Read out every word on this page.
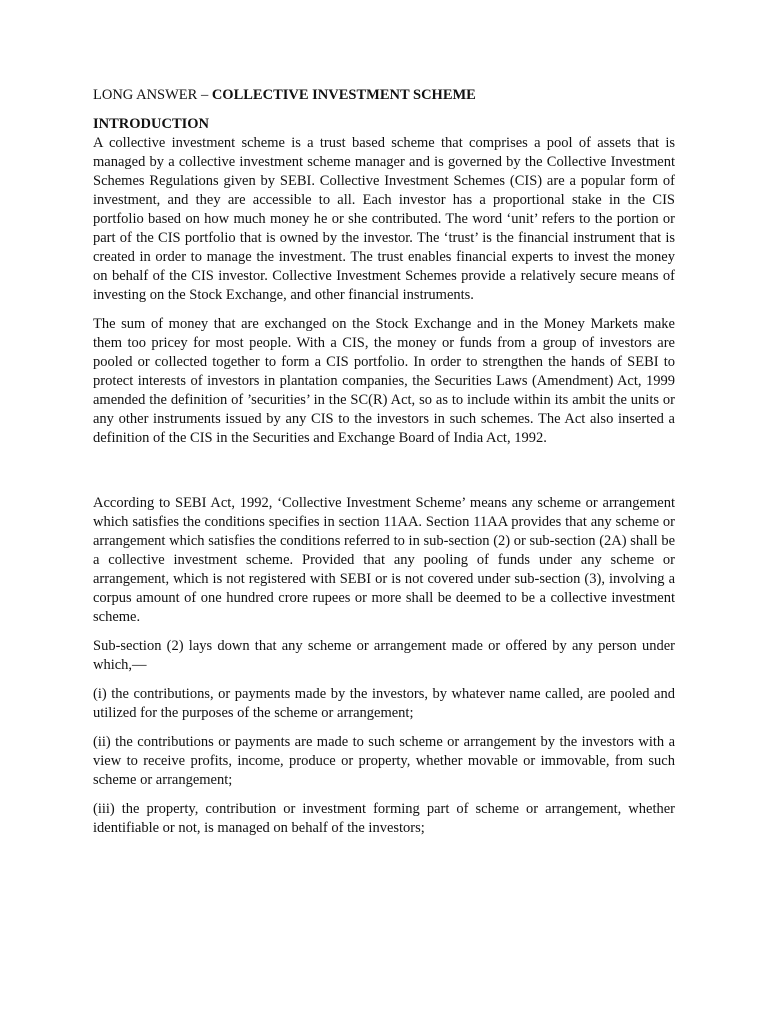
LONG ANSWER – COLLECTIVE INVESTMENT SCHEME

INTRODUCTION

A collective investment scheme is a trust based scheme that comprises a pool of assets that is managed by a collective investment scheme manager and is governed by the Collective Investment Schemes Regulations given by SEBI. Collective Investment Schemes (CIS) are a popular form of investment, and they are accessible to all. Each investor has a proportional stake in the CIS portfolio based on how much money he or she contributed. The word ‘unit’ refers to the portion or part of the CIS portfolio that is owned by the investor. The ‘trust’ is the financial instrument that is created in order to manage the investment. The trust enables financial experts to invest the money on behalf of the CIS investor. Collective Investment Schemes provide a relatively secure means of investing on the Stock Exchange, and other financial instruments.

The sum of money that are exchanged on the Stock Exchange and in the Money Markets make them too pricey for most people. With a CIS, the money or funds from a group of investors are pooled or collected together to form a CIS portfolio. In order to strengthen the hands of SEBI to protect interests of investors in plantation companies, the Securities Laws (Amendment) Act, 1999 amended the definition of ’securities’ in the SC(R) Act, so as to include within its ambit the units or any other instruments issued by any CIS to the investors in such schemes. The Act also inserted a definition of the CIS in the Securities and Exchange Board of India Act, 1992.

According to SEBI Act, 1992, ‘Collective Investment Scheme’ means any scheme or arrangement which satisfies the conditions specifies in section 11AA. Section 11AA provides that any scheme or arrangement which satisfies the conditions referred to in sub-section (2) or sub-section (2A) shall be a collective investment scheme. Provided that any pooling of funds under any scheme or arrangement, which is not registered with SEBI or is not covered under sub-section (3), involving a corpus amount of one hundred crore rupees or more shall be deemed to be a collective investment scheme.

Sub-section (2) lays down that any scheme or arrangement made or offered by any person under which,—

(i) the contributions, or payments made by the investors, by whatever name called, are pooled and utilized for the purposes of the scheme or arrangement;

(ii) the contributions or payments are made to such scheme or arrangement by the investors with a view to receive profits, income, produce or property, whether movable or immovable, from such scheme or arrangement;

(iii) the property, contribution or investment forming part of scheme or arrangement, whether identifiable or not, is managed on behalf of the investors;
